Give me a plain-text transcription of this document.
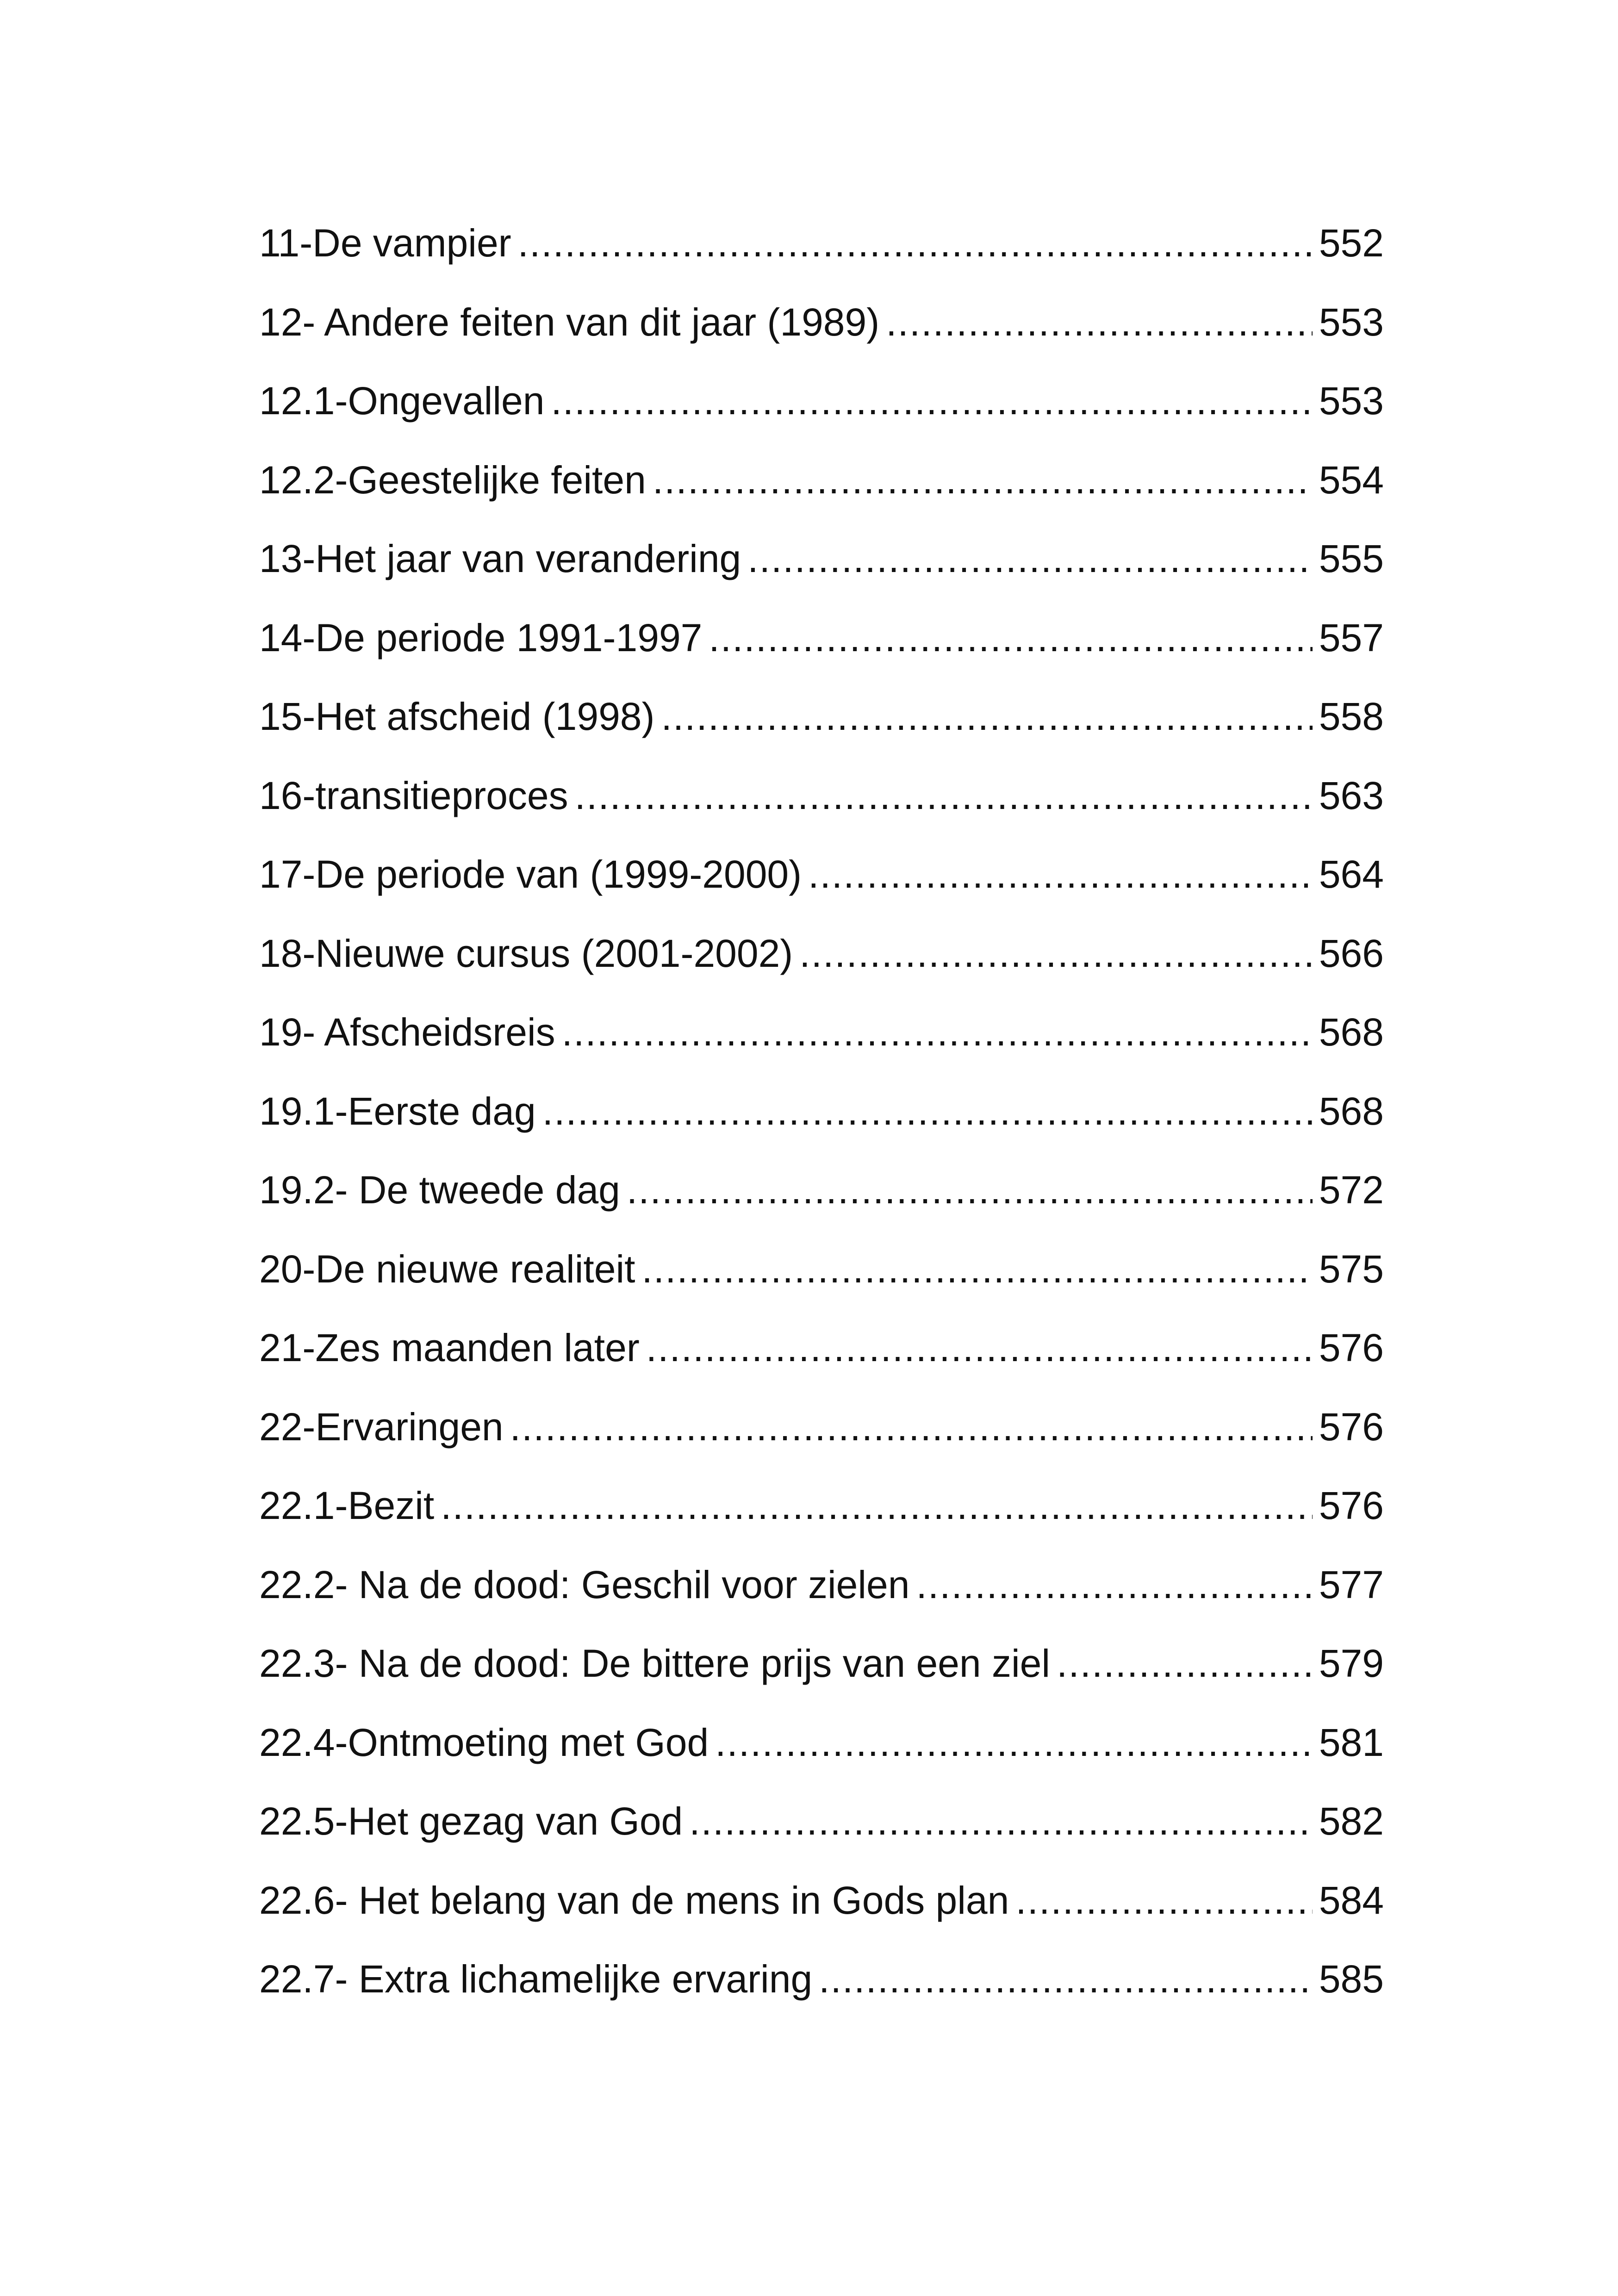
11-De vampier .....	552
12- Andere feiten van dit jaar (1989) .....	553
12.1-Ongevallen .....	553
12.2-Geestelijke feiten .....	554
13-Het jaar van verandering .....	555
14-De periode 1991-1997 .....	557
15-Het afscheid (1998) .....	558
16-transitieproces .....	563
17-De periode van (1999-2000) .....	564
18-Nieuwe cursus (2001-2002) .....	566
19- Afscheidsreis .....	568
19.1-Eerste dag .....	568
19.2- De tweede dag .....	572
20-De nieuwe realiteit .....	575
21-Zes maanden later .....	576
22-Ervaringen .....	576
22.1-Bezit .....	576
22.2- Na de dood: Geschil voor zielen .....	577
22.3- Na de dood: De bittere prijs van een ziel .....	579
22.4-Ontmoeting met God .....	581
22.5-Het gezag van God .....	582
22.6- Het belang van de mens in Gods plan .....	584
22.7- Extra lichamelijke ervaring .....	585
